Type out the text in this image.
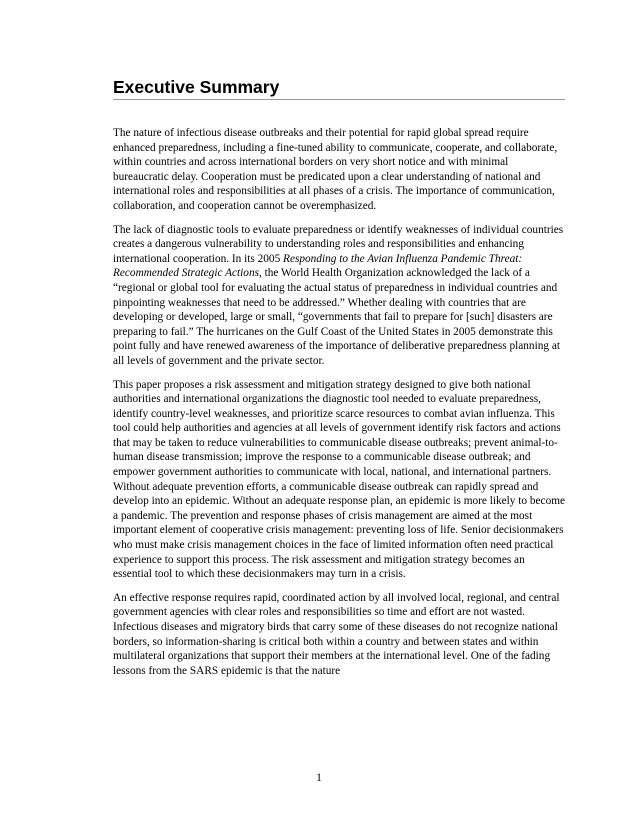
Executive Summary

The nature of infectious disease outbreaks and their potential for rapid global spread require enhanced preparedness, including a fine-tuned ability to communicate, cooperate, and collaborate, within countries and across international borders on very short notice and with minimal bureaucratic delay. Cooperation must be predicated upon a clear understanding of national and international roles and responsibilities at all phases of a crisis. The importance of communication, collaboration, and cooperation cannot be overemphasized.

The lack of diagnostic tools to evaluate preparedness or identify weaknesses of individual countries creates a dangerous vulnerability to understanding roles and responsibilities and enhancing international cooperation. In its 2005 Responding to the Avian Influenza Pandemic Threat: Recommended Strategic Actions, the World Health Organization acknowledged the lack of a “regional or global tool for evaluating the actual status of preparedness in individual countries and pinpointing weaknesses that need to be addressed.” Whether dealing with countries that are developing or developed, large or small, “governments that fail to prepare for [such] disasters are preparing to fail.” The hurricanes on the Gulf Coast of the United States in 2005 demonstrate this point fully and have renewed awareness of the importance of deliberative preparedness planning at all levels of government and the private sector.

This paper proposes a risk assessment and mitigation strategy designed to give both national authorities and international organizations the diagnostic tool needed to evaluate preparedness, identify country-level weaknesses, and prioritize scarce resources to combat avian influenza. This tool could help authorities and agencies at all levels of government identify risk factors and actions that may be taken to reduce vulnerabilities to communicable disease outbreaks; prevent animal-to-human disease transmission; improve the response to a communicable disease outbreak; and empower government authorities to communicate with local, national, and international partners. Without adequate prevention efforts, a communicable disease outbreak can rapidly spread and develop into an epidemic. Without an adequate response plan, an epidemic is more likely to become a pandemic. The prevention and response phases of crisis management are aimed at the most important element of cooperative crisis management: preventing loss of life. Senior decisionmakers who must make crisis management choices in the face of limited information often need practical experience to support this process. The risk assessment and mitigation strategy becomes an essential tool to which these decisionmakers may turn in a crisis.

An effective response requires rapid, coordinated action by all involved local, regional, and central government agencies with clear roles and responsibilities so time and effort are not wasted. Infectious diseases and migratory birds that carry some of these diseases do not recognize national borders, so information-sharing is critical both within a country and between states and within multilateral organizations that support their members at the international level. One of the fading lessons from the SARS epidemic is that the nature

1
